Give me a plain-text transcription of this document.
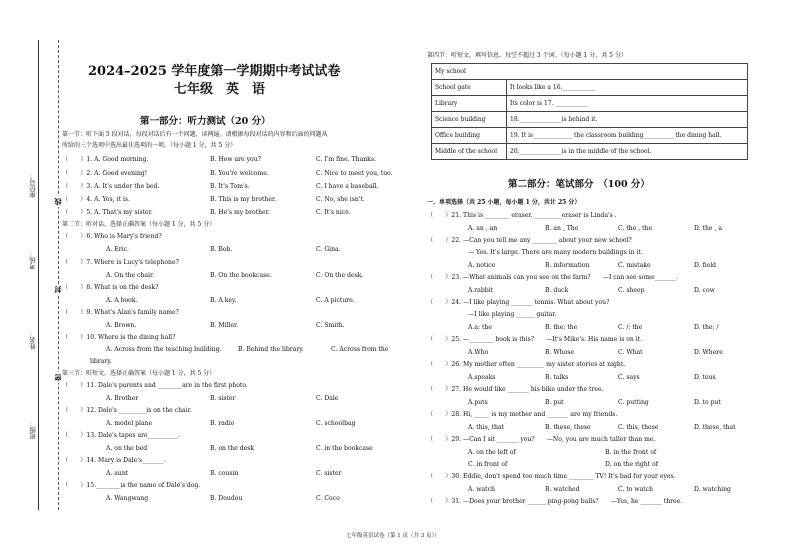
座位号：
考场：
姓名：
班级：
线
封
密
2024–2025 学年度第一学期期中考试试卷
七年级　英　语
第一部分：听力测试（20 分）
第一节：听下面 5 段对话，每段对话后有一个问题，读两遍。请根据每段对话的内容和后面的问题从
所给的三个选项中选出最佳选项的一项。（每小题 1 分，共 5 分）
（　　）1. A. Good morning.	B. How are you?	C. I'm fine. Thanks.
（　　）2. A. Good evening!	B. You're welcome.	C. Nice to meet you, too.
（　　）3. A. It's under the bed.	B. It's Tom's.	C. I have a baseball.
（　　）4. A. Yes, it is.	B. This is my brother.	C. No, she isn't.
（　　）5. A. That's my sister.	B. He's my brother.	C. It's nice.
第二节：听对话，选择正确答案（每小题 1 分，共 5 分）
（　　）6. Who is Mary's friend?
A. Eric.	B. Bob.	C. Gina.
（　　）7. Where is Lucy's telephone?
A. On the chair.	B. On the bookcase.	C. On the desk.
（　　）8. What is on the desk?
A. A book.	B. A key.	C. A picture.
（　　）9. What's Alan's family name?
A. Brown.	B. Miller.	C. Smith.
（　　）10. Where is the dining hall?
A. Across from the teaching building.	B. Behind the library.	C. Across from the
library.
第三节：听短文，选择正确答案（每小题 1 分，共 5 分）
（　　）11. Dale's parents and ________are in the first photo.
A. Brother	B. sister	C. Dale
（　　）12. Dale's _________is on the chair.
A. model plane	B. radio	C. schoolbag
（　　）13. Dale's tapes are__________.
A. on the bed	B. on the desk	C. in the bookcase
（　　）14. Mary is Dale's_______.
A. aunt	B. cousin	C. sister
（　　）15.________is the name of Dale's dog.
A. Wangwang	B. Doudou	C. Coco
第四节：听短文，填写信息，每空不超过 3 个词。（每小题 1 分，共 5 分）
My school	
School gate	It looks like a 16.___________
Library	Its color is 17. ___________
Science building	18.______________is behind it.
Office building	19. It is_____________ the classroom building__________ the dining hall.
Middle of the school	20.______________is in the middle of the school.
第二部分：笔试部分　（100 分）
一、单项选择（共 25 小题，每小题 1 分，共计 25 分）
（　　）21. This is ________ eraser. _________eraser is Linda's .
A. an , an	B. an , The	C. the , the	D. the , a
（　　）22. —Can you tell me any ________ about your new school?
— Yes. It's large. There are many modern buildings in it.
A. notice	B. information	C. mistake	D. field
（　　）23. —What animals can you see on the farm?　　—I can see some_______.
A.rabbit	B. duck	C. sheep	D. cow
（　　）24. —I like playing _______ tennis. What about you?
—I like playing ______ guitar.
A.a; the	B. the; the	C. /; the	D. the; /
（　　）25. —________ book is this?　　—It's Mike's. His name is on it.
A.Who	B. Whose	C. What	D. Where
（　　）26. My mother often _________ my sister stories at night.
A.speaks	B. talks	C. says	D. teus
（　　）27. He would like _______ his bike under the tree.
A.puts	B. put	C. putting	D. to put
（　　）28. Hi, _____ is my mother and _______ are my friends.
A. this, that	B. these, these	C. this, these	D. these, that
（　　）29. —Can I sit _______ you?　　—No, you are much taller than me.
A. on the left of	B. in the front of
C. in front of	D. on the right of
（　　）30. Eddie, don't spend too much time ________ TV! It's bad for your eyes.
A. watch	B. watched	C. to watch	D. watching
（　　）31. —Does your brother ______ ping-pong balls?　　—Yes, he _______ three.
七年级英语试卷（第 1 页（共 3 页））
